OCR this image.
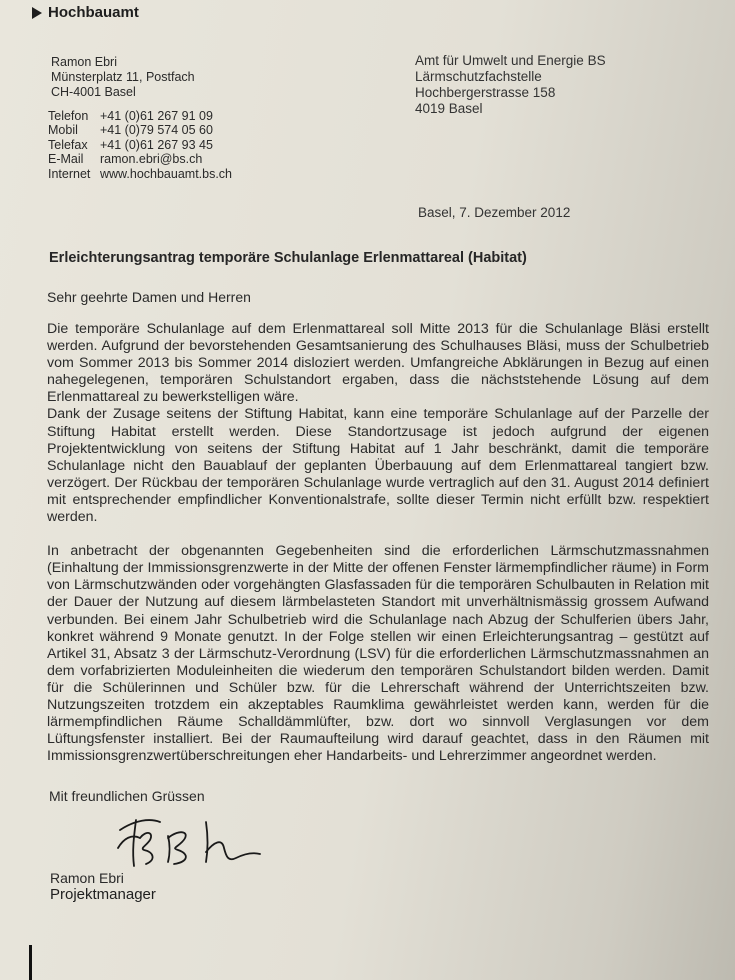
Hochbauamt
Ramon Ebri
Münsterplatz 11, Postfach
CH-4001 Basel
Telefon +41 (0)61 267 91 09
Mobil	+41 (0)79 574 05 60
Telefax +41 (0)61 267 93 45
E-Mail	ramon.ebri@bs.ch
Internet www.hochbauamt.bs.ch
Amt für Umwelt und Energie BS
Lärmschutzfachstelle
Hochbergerstrasse 158
4019 Basel
Basel, 7. Dezember 2012
Erleichterungsantrag temporäre Schulanlage Erlenmattareal (Habitat)
Sehr geehrte Damen und Herren

Die temporäre Schulanlage auf dem Erlenmattareal soll Mitte 2013 für die Schulanlage Bläsi erstellt werden. Aufgrund der bevorstehenden Gesamtsanierung des Schulhauses Bläsi, muss der Schulbetrieb vom Sommer 2013 bis Sommer 2014 disloziert werden. Umfangreiche Abklärungen in Bezug auf einen nahegelegenen, temporären Schulstandort ergaben, dass die nächststehende Lösung auf dem Erlenmattareal zu bewerkstelligen wäre.

Dank der Zusage seitens der Stiftung Habitat, kann eine temporäre Schulanlage auf der Parzelle der Stiftung Habitat erstellt werden. Diese Standortzusage ist jedoch aufgrund der eigenen Projektentwicklung von seitens der Stiftung Habitat auf 1 Jahr beschränkt, damit die temporäre Schulanlage nicht den Bauablauf der geplanten Überbauung auf dem Erlenmattareal tangiert bzw. verzögert. Der Rückbau der temporären Schulanlage wurde vertraglich auf den 31. August 2014 definiert mit entsprechender empfindlicher Konventionalstrafe, sollte dieser Termin nicht erfüllt bzw. respektiert werden.

In anbetracht der obgenannten Gegebenheiten sind die erforderlichen Lärmschutzmassnahmen (Einhaltung der Immissionsgrenzwerte in der Mitte der offenen Fenster lärmempfindlicher räume) in Form von Lärmschutzwänden oder vorgehängten Glasfassaden für die temporären Schulbauten in Relation mit der Dauer der Nutzung auf diesem lärmbelasteten Standort mit unverhältnismässig grossem Aufwand verbunden. Bei einem Jahr Schulbetrieb wird die Schulanlage nach Abzug der Schulferien übers Jahr, konkret während 9 Monate genutzt. In der Folge stellen wir einen Erleichterungsantrag – gestützt auf Artikel 31, Absatz 3 der Lärmschutz-Verordnung (LSV) für die erforderlichen Lärmschutzmassnahmen an dem vorfabrizierten Moduleinheiten die wiederum den temporären Schulstandort bilden werden. Damit für die Schülerinnen und Schüler bzw. für die Lehrerschaft während der Unterrichtszeiten bzw. Nutzungszeiten trotzdem ein akzeptables Raumklima gewährleistet werden kann, werden für die lärmempfindlichen Räume Schalldämmlüfter, bzw. dort wo sinnvoll Verglasungen vor dem Lüftungsfenster installiert. Bei der Raumaufteilung wird darauf geachtet, dass in den Räumen mit Immissionsgrenzwertüberschreitungen eher Handarbeits- und Lehrerzimmer angeordnet werden.

Mit freundlichen Grüssen
Ramon Ebri
Projektmanager
